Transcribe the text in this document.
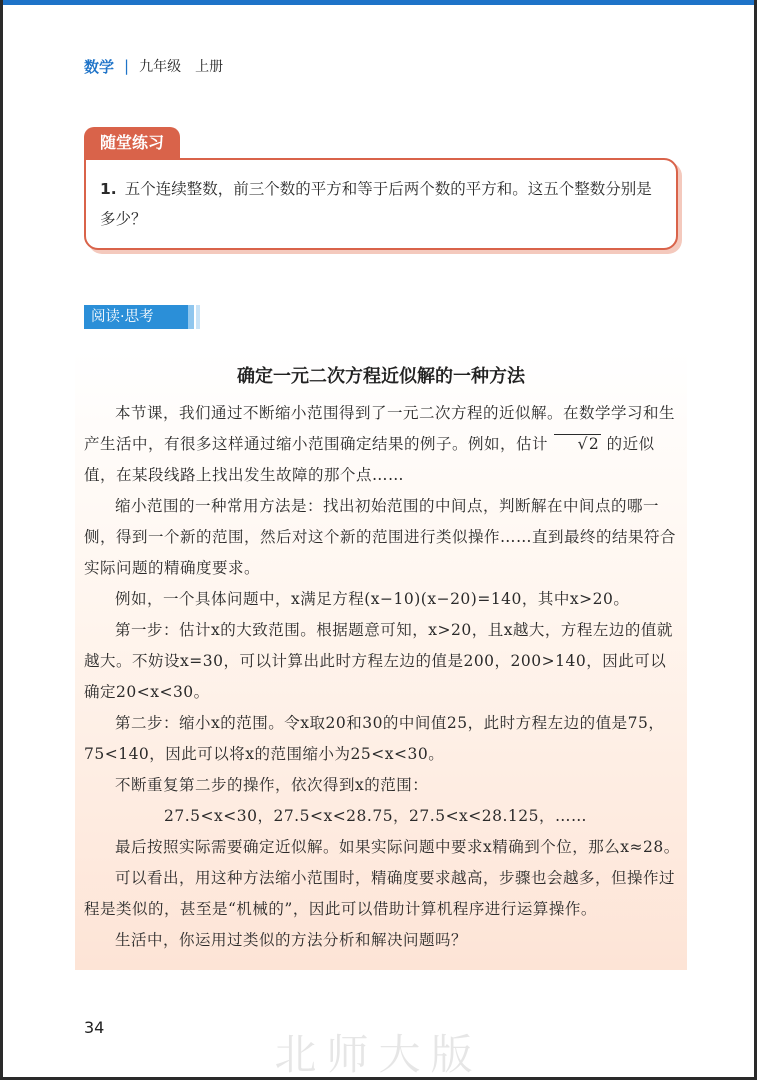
数学 | 九年级　上册
随堂练习
1. 五个连续整数，前三个数的平方和等于后两个数的平方和。这五个整数分别是多少？
阅读·思考
确定一元二次方程近似解的一种方法

本节课，我们通过不断缩小范围得到了一元二次方程的近似解。在数学学习和生产生活中，有很多这样通过缩小范围确定结果的例子。例如，估计 √	2 的近似值，在某段线路上找出发生故障的那个点……

缩小范围的一种常用方法是：找出初始范围的中间点，判断解在中间点的哪一侧，得到一个新的范围，然后对这个新的范围进行类似操作……直到最终的结果符合实际问题的精确度要求。

例如，一个具体问题中，x满足方程(x−10)(x−20)=140，其中x>20。

第一步：估计x的大致范围。根据题意可知，x>20，且x越大，方程左边的值就越大。不妨设x=30，可以计算出此时方程左边的值是200，200>140，因此可以确定20<x<30。

第二步：缩小x的范围。令x取20和30的中间值25，此时方程左边的值是75，75<140，因此可以将x的范围缩小为25<x<30。

不断重复第二步的操作，依次得到x的范围：

27.5<x<30，27.5<x<28.75，27.5<x<28.125，……

最后按照实际需要确定近似解。如果实际问题中要求x精确到个位，那么x≈28。

可以看出，用这种方法缩小范围时，精确度要求越高，步骤也会越多，但操作过程是类似的，甚至是“机械的”，因此可以借助计算机程序进行运算操作。

生活中，你运用过类似的方法分析和解决问题吗？

34
北师大版
